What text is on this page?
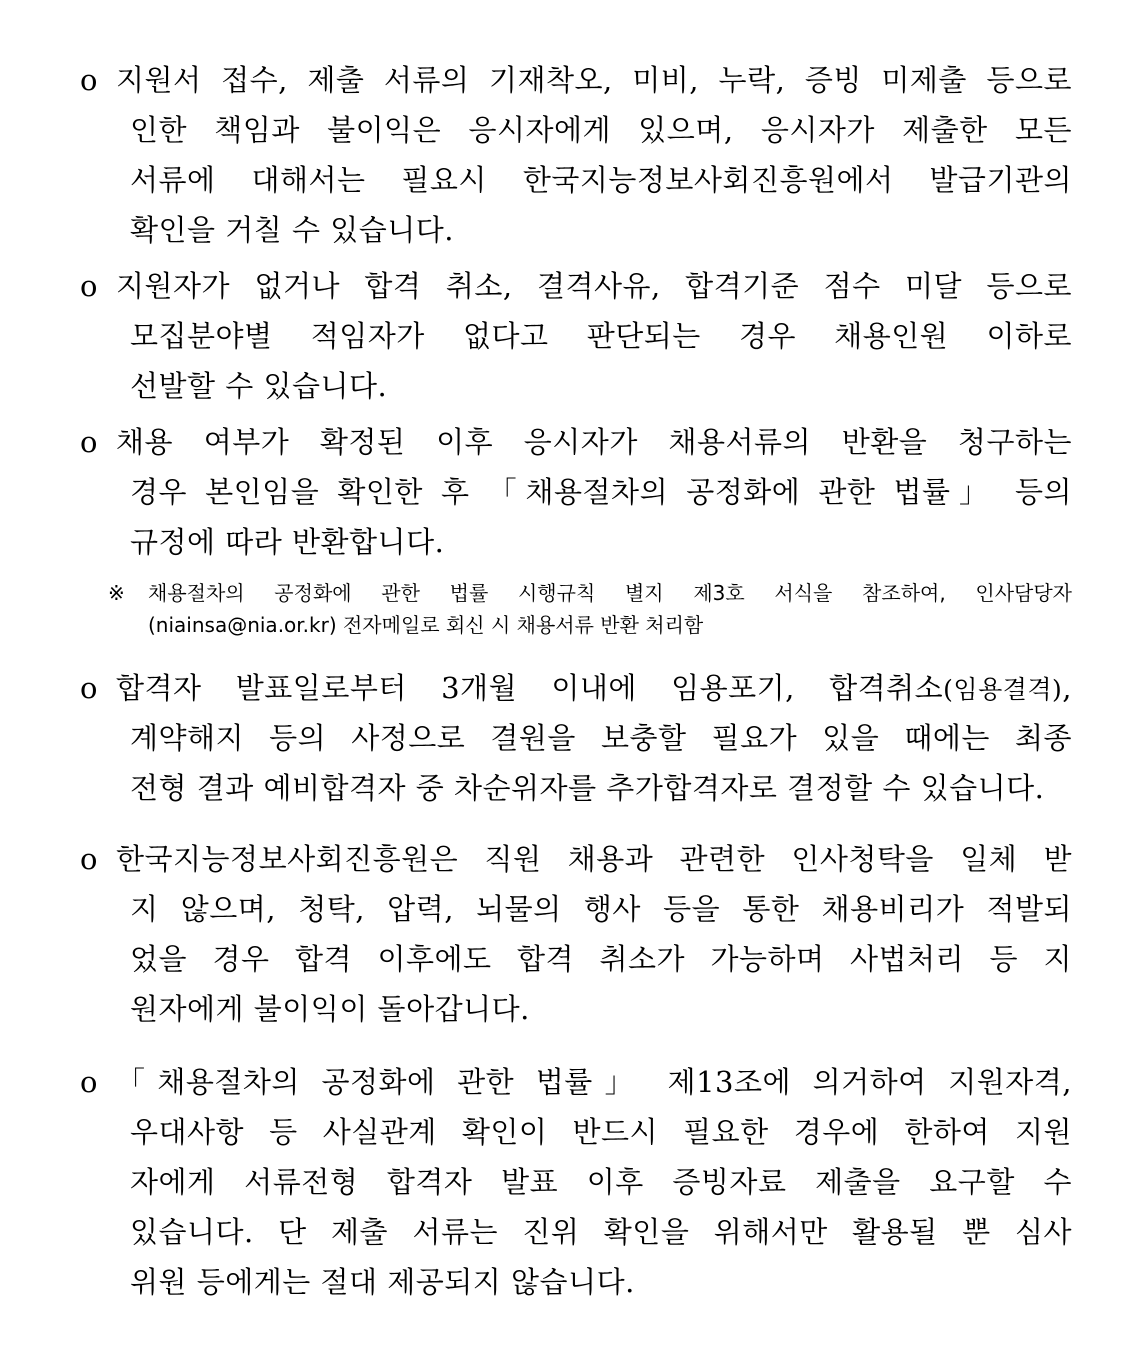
o 지원서 접수, 제출 서류의 기재착오, 미비, 누락, 증빙 미제출 등으로
인한 책임과 불이익은 응시자에게 있으며, 응시자가 제출한 모든
서류에 대해서는 필요시 한국지능정보사회진흥원에서 발급기관의
확인을 거칠 수 있습니다.
o 지원자가 없거나 합격 취소, 결격사유, 합격기준 점수 미달 등으로
모집분야별 적임자가 없다고 판단되는 경우 채용인원 이하로
선발할 수 있습니다.
o 채용 여부가 확정된 이후 응시자가 채용서류의 반환을 청구하는
경우 본인임을 확인한 후 「채용절차의 공정화에 관한 법률」 등의
규정에 따라 반환합니다.
※	채용절차의 공정화에 관한 법률 시행규칙 별지 제3호 서식을 참조하여, 인사담당자
(niainsa@nia.or.kr) 전자메일로 회신 시 채용서류 반환 처리함
o 합격자 발표일로부터 3개월 이내에 임용포기, 합격취소(임용결격),
계약해지 등의 사정으로 결원을 보충할 필요가 있을 때에는 최종
전형 결과 예비합격자 중 차순위자를 추가합격자로 결정할 수 있습니다.
o 한국지능정보사회진흥원은 직원 채용과 관련한 인사청탁을 일체 받
지 않으며, 청탁, 압력, 뇌물의 행사 등을 통한 채용비리가 적발되
었을 경우 합격 이후에도 합격 취소가 가능하며 사법처리 등 지
원자에게 불이익이 돌아갑니다.
o 「채용절차의 공정화에 관한 법률」 제13조에 의거하여 지원자격,
우대사항 등 사실관계 확인이 반드시 필요한 경우에 한하여 지원
자에게 서류전형 합격자 발표 이후 증빙자료 제출을 요구할 수
있습니다. 단 제출 서류는 진위 확인을 위해서만 활용될 뿐 심사
위원 등에게는 절대 제공되지 않습니다.
